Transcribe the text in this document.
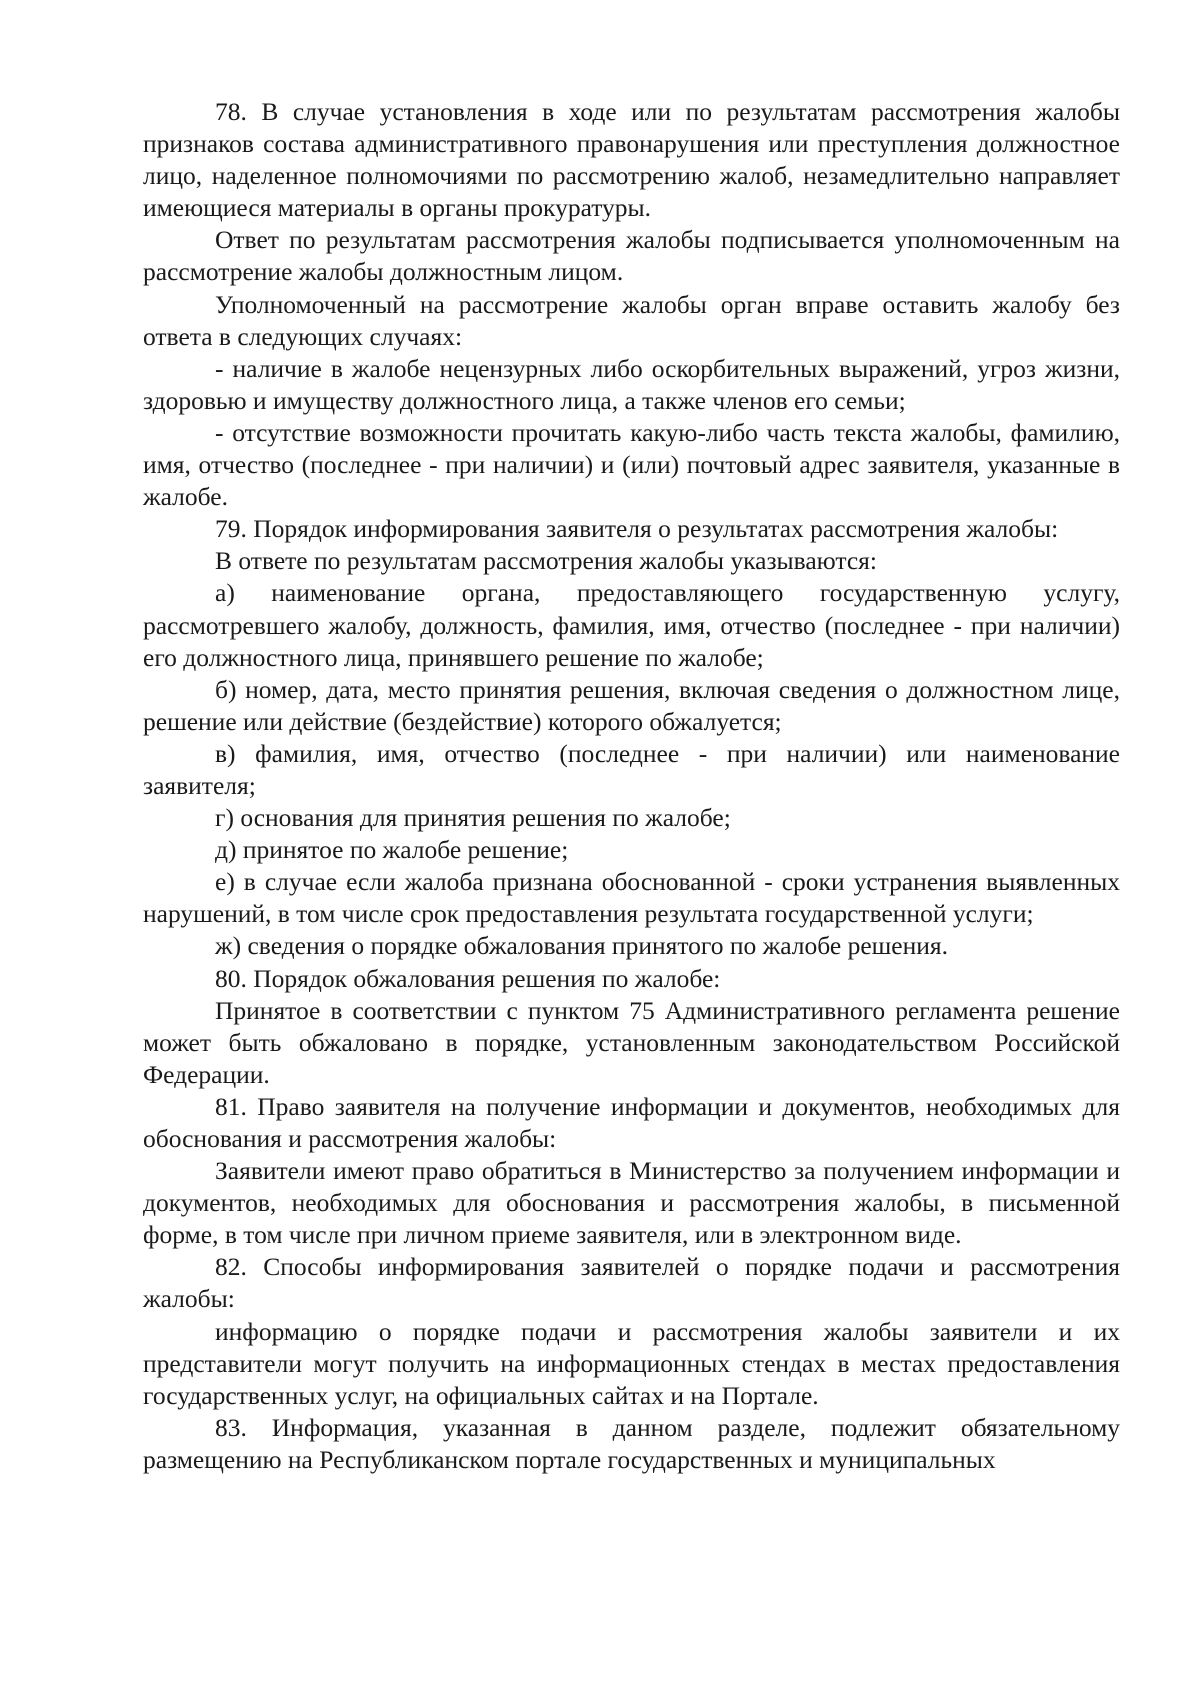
78. В случае установления в ходе или по результатам рассмотрения жалобы признаков состава административного правонарушения или преступления должностное лицо, наделенное полномочиями по рассмотрению жалоб, незамедлительно направляет имеющиеся материалы в органы прокуратуры.

Ответ по результатам рассмотрения жалобы подписывается уполномоченным на рассмотрение жалобы должностным лицом.

Уполномоченный на рассмотрение жалобы орган вправе оставить жалобу без ответа в следующих случаях:

- наличие в жалобе нецензурных либо оскорбительных выражений, угроз жизни, здоровью и имуществу должностного лица, а также членов его семьи;

- отсутствие возможности прочитать какую-либо часть текста жалобы, фамилию, имя, отчество (последнее - при наличии) и (или) почтовый адрес заявителя, указанные в жалобе.

79. Порядок информирования заявителя о результатах рассмотрения жалобы:

В ответе по результатам рассмотрения жалобы указываются:

а) наименование органа, предоставляющего государственную услугу, рассмотревшего жалобу, должность, фамилия, имя, отчество (последнее - при наличии) его должностного лица, принявшего решение по жалобе;

б) номер, дата, место принятия решения, включая сведения о должностном лице, решение или действие (бездействие) которого обжалуется;

в) фамилия, имя, отчество (последнее - при наличии) или наименование заявителя;

г) основания для принятия решения по жалобе;

д) принятое по жалобе решение;

е) в случае если жалоба признана обоснованной - сроки устранения выявленных нарушений, в том числе срок предоставления результата государственной услуги;

ж) сведения о порядке обжалования принятого по жалобе решения.

80. Порядок обжалования решения по жалобе:

Принятое в соответствии с пунктом 75 Административного регламента решение может быть обжаловано в порядке, установленным законодательством Российской Федерации.

81. Право заявителя на получение информации и документов, необходимых для обоснования и рассмотрения жалобы:

Заявители имеют право обратиться в Министерство за получением информации и документов, необходимых для обоснования и рассмотрения жалобы, в письменной форме, в том числе при личном приеме заявителя, или в электронном виде.

82. Способы информирования заявителей о порядке подачи и рассмотрения жалобы:

информацию о порядке подачи и рассмотрения жалобы заявители и их представители могут получить на информационных стендах в местах предоставления государственных услуг, на официальных сайтах и на Портале.

83. Информация, указанная в данном разделе, подлежит обязательному размещению на Республиканском портале государственных и муниципальных
